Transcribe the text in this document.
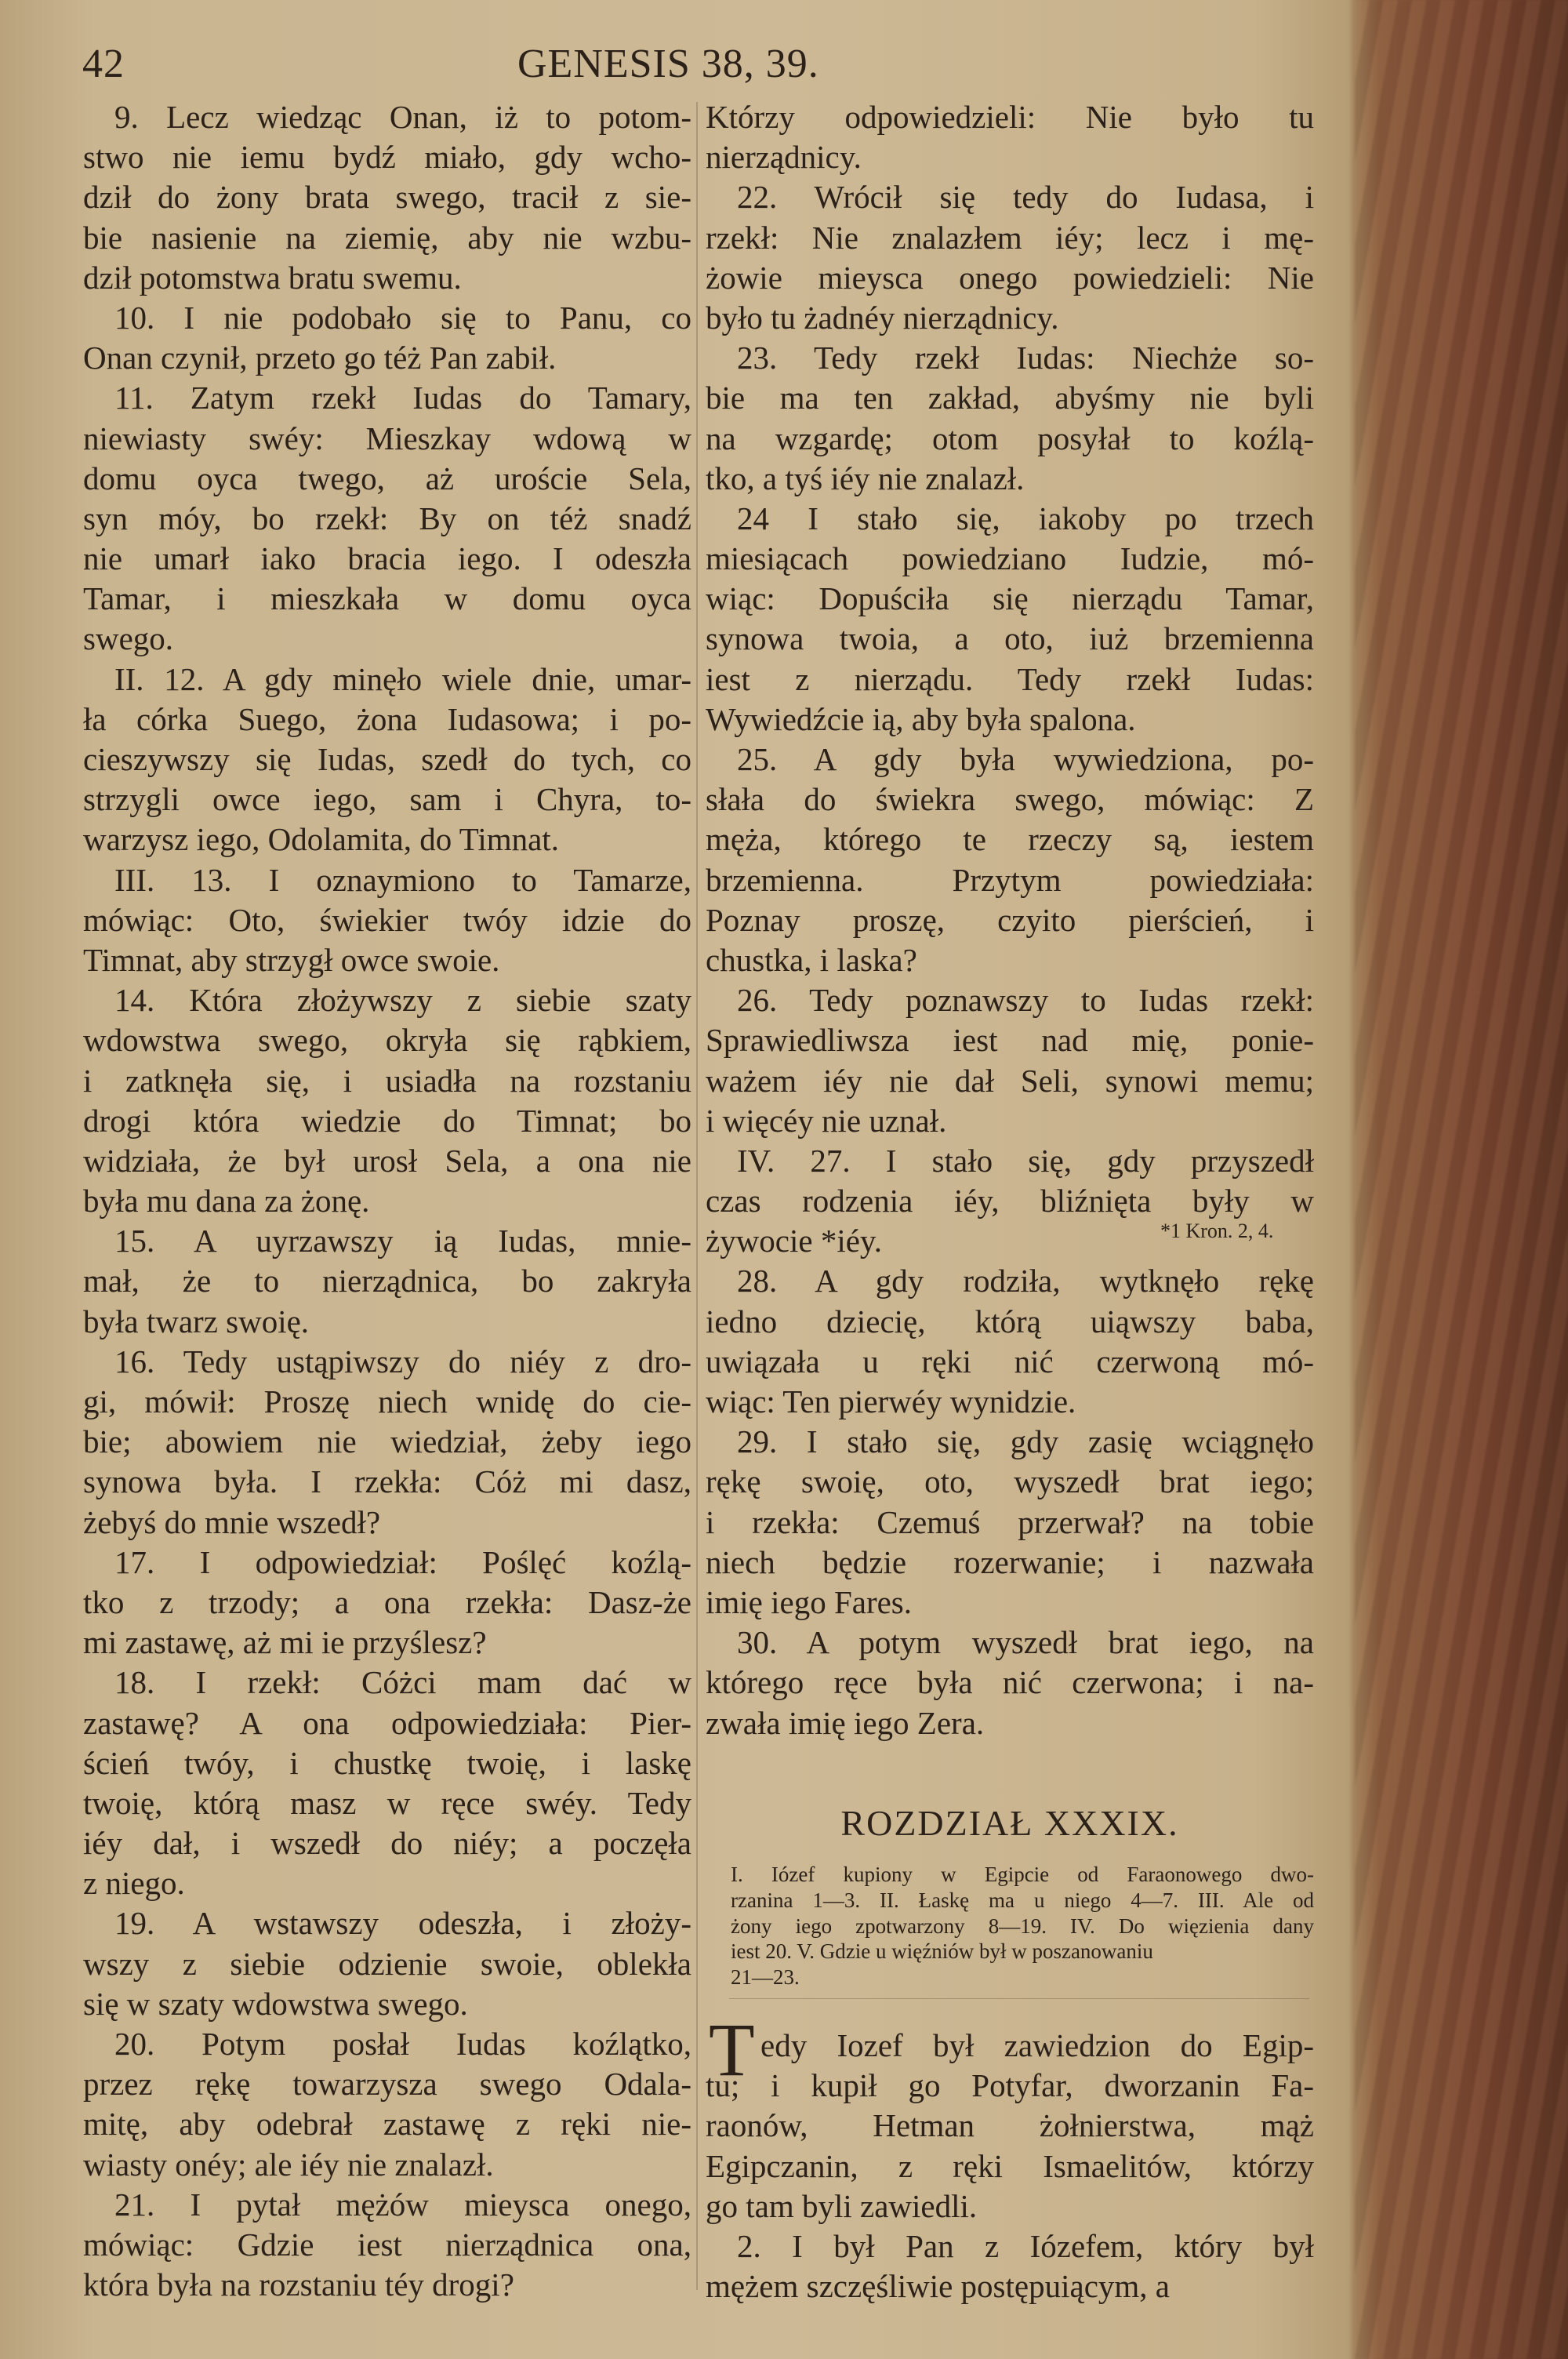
42	GENESIS 38, 39.
9. Lecz wiedząc Onan, iż to potom-
stwo nie iemu bydź miało, gdy wcho-
dził do żony brata swego, tracił z sie-
bie nasienie na ziemię, aby nie wzbu-
dził potomstwa bratu swemu.
10. I nie podobało się to Panu, co
Onan czynił, przeto go téż Pan zabił.
11. Zatym rzekł Iudas do Tamary,
niewiasty swéy: Mieszkay wdową w
domu oyca twego, aż uroście Sela,
syn móy, bo rzekł: By on téż snadź
nie umarł iako bracia iego. I odeszła
Tamar, i mieszkała w domu oyca
swego.
II. 12. A gdy minęło wiele dnie, umar-
ła córka Suego, żona Iudasowa; i po-
cieszywszy się Iudas, szedł do tych, co
strzygli owce iego, sam i Chyra, to-
warzysz iego, Odolamita, do Timnat.
III. 13. I oznaymiono to Tamarze,
mówiąc: Oto, świekier twóy idzie do
Timnat, aby strzygł owce swoie.
14. Która złożywszy z siebie szaty
wdowstwa swego, okryła się rąbkiem,
i zatknęła się, i usiadła na rozstaniu
drogi która wiedzie do Timnat; bo
widziała, że był urosł Sela, a ona nie
była mu dana za żonę.
15. A uyrzawszy ią Iudas, mnie-
mał, że to nierządnica, bo zakryła
była twarz swoię.
16. Tedy ustąpiwszy do niéy z dro-
gi, mówił: Proszę niech wnidę do cie-
bie; abowiem nie wiedział, żeby iego
synowa była. I rzekła: Cóż mi dasz,
żebyś do mnie wszedł?
17. I odpowiedział: Poślęć koźlą-
tko z trzody; a ona rzekła: Dasz-że
mi zastawę, aż mi ie przyślesz?
18. I rzekł: Cóżci mam dać w
zastawę? A ona odpowiedziała: Pier-
ścień twóy, i chustkę twoię, i laskę
twoię, którą masz w ręce swéy. Tedy
iéy dał, i wszedł do niéy; a poczęła
z niego.
19. A wstawszy odeszła, i złoży-
wszy z siebie odzienie swoie, oblekła
się w szaty wdowstwa swego.
20. Potym posłał Iudas koźlątko,
przez rękę towarzysza swego Odala-
mitę, aby odebrał zastawę z ręki nie-
wiasty onéy; ale iéy nie znalazł.
21. I pytał mężów mieysca onego,
mówiąc: Gdzie iest nierządnica ona,
która była na rozstaniu téy drogi?
Którzy odpowiedzieli: Nie było tu
nierządnicy.
22. Wrócił się tedy do Iudasa, i
rzekł: Nie znalazłem iéy; lecz i mę-
żowie mieysca onego powiedzieli: Nie
było tu żadnéy nierządnicy.
23. Tedy rzekł Iudas: Niechże so-
bie ma ten zakład, abyśmy nie byli
na wzgardę; otom posyłał to koźlą-
tko, a tyś iéy nie znalazł.
24 I stało się, iakoby po trzech
miesiącach powiedziano Iudzie, mó-
wiąc: Dopuściła się nierządu Tamar,
synowa twoia, a oto, iuż brzemienna
iest z nierządu. Tedy rzekł Iudas:
Wywiedźcie ią, aby była spalona.
25. A gdy była wywiedziona, po-
słała do świekra swego, mówiąc: Z
męża, którego te rzeczy są, iestem
brzemienna. Przytym powiedziała:
Poznay proszę, czyito pierścień, i
chustka, i laska?
26. Tedy poznawszy to Iudas rzekł:
Sprawiedliwsza iest nad mię, ponie-
ważem iéy nie dał Seli, synowi memu;
i więcéy nie uznał.
IV. 27. I stało się, gdy przyszedł
czas rodzenia iéy, bliźnięta były w
żywocie *iéy.
28. A gdy rodziła, wytknęło rękę
iedno dziecię, którą uiąwszy baba,
uwiązała u ręki nić czerwoną mó-
wiąc: Ten pierwéy wynidzie.
29. I stało się, gdy zasię wciągnęło
rękę swoię, oto, wyszedł brat iego;
i rzekła: Czemuś przerwał? na tobie
niech będzie rozerwanie; i nazwała
imię iego Fares.
30. A potym wyszedł brat iego, na
którego ręce była nić czerwona; i na-
zwała imię iego Zera.
*1 Kron. 2, 4.
ROZDZIAŁ XXXIX.
I. Iózef kupiony w Egipcie od Faraonowego dwo-
rzanina 1—3. II. Łaskę ma u niego 4—7. III. Ale od
żony iego zpotwarzony 8—19. IV. Do więzienia dany
iest 20. V. Gdzie u więźniów był w poszanowaniu
21—23.
T edy Iozef był zawiedzion do Egip-
tu; i kupił go Potyfar, dworzanin Fa-
raonów, Hetman żołnierstwa, mąż
Egipczanin, z ręki Ismaelitów, którzy
go tam byli zawiedli.
2. I był Pan z Iózefem, który był
mężem szczęśliwie postępuiącym, a
